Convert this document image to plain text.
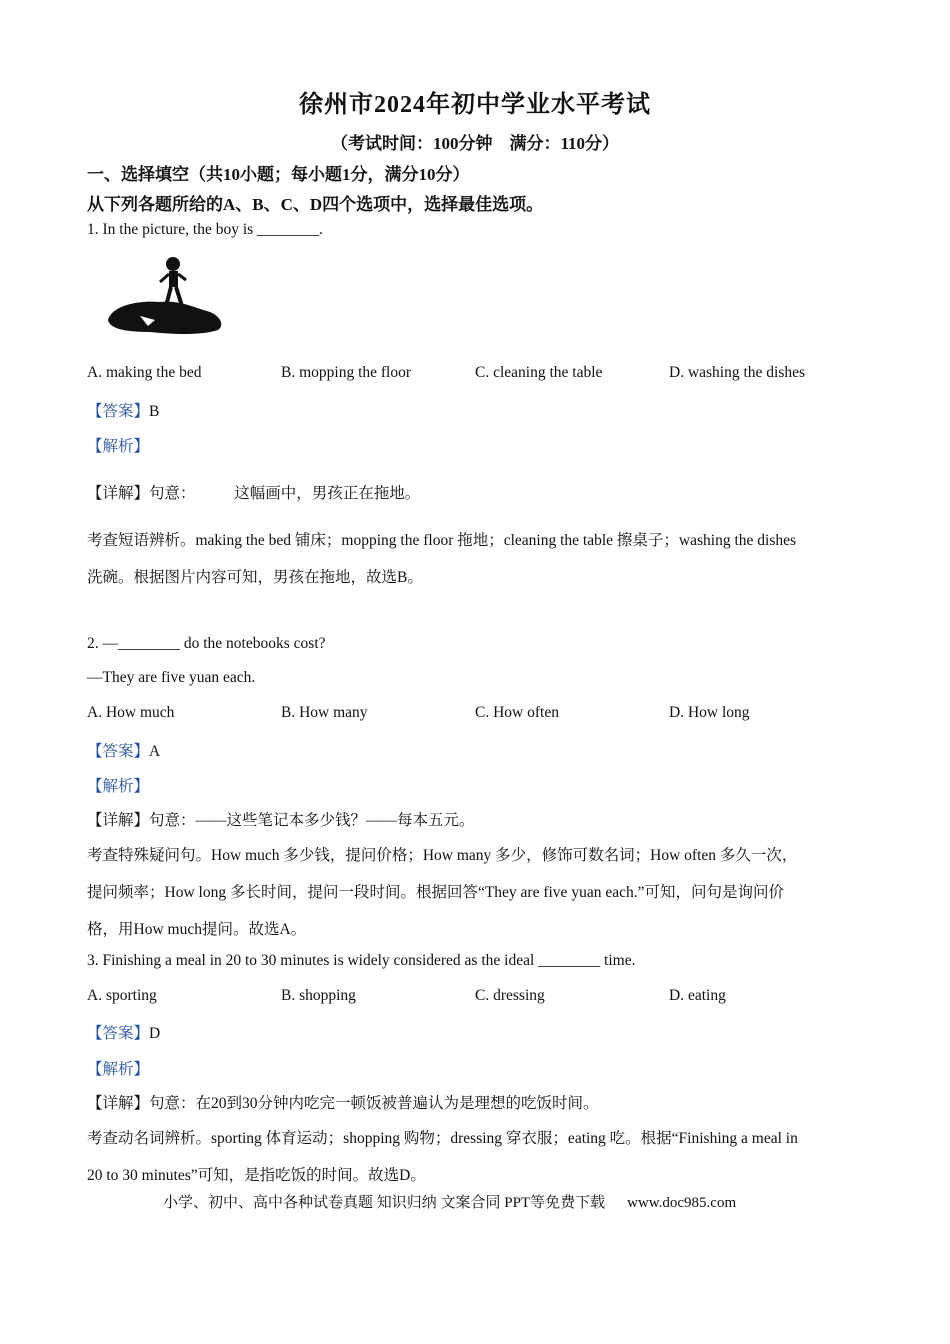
徐州市2024年初中学业水平考试
（考试时间：100分钟　满分：110分）
一、选择填空（共10小题；每小题1分，满分10分）
从下列各题所给的A、B、C、D四个选项中，选择最佳选项。
1. In the picture, the boy is ________.
A. making the bed	B. mopping the floor	C. cleaning the table	D. washing the dishes
【答案】B
【解析】
【详解】句意：　　　这幅画中，男孩正在拖地。
考查短语辨析。making the bed 铺床；mopping the floor 拖地；cleaning the table 擦桌子；washing the dishes
洗碗。根据图片内容可知，男孩在拖地，故选B。
2. —________ do the notebooks cost?
—They are five yuan each.
A. How much	B. How many	C. How often	D. How long
【答案】A
【解析】
【详解】句意：——这些笔记本多少钱？——每本五元。
考查特殊疑问句。How much 多少钱，提问价格；How many 多少，修饰可数名词；How often 多久一次，
提问频率；How long 多长时间，提问一段时间。根据回答“They are five yuan each.”可知，问句是询问价
格，用How much提问。故选A。
3. Finishing a meal in 20 to 30 minutes is widely considered as the ideal ________ time.
A. sporting	B. shopping	C. dressing	D. eating
【答案】D
【解析】
【详解】句意：在20到30分钟内吃完一顿饭被普遍认为是理想的吃饭时间。
考查动名词辨析。sporting 体育运动；shopping 购物；dressing 穿衣服；eating 吃。根据“Finishing a meal in
20 to 30 minutes”可知，是指吃饭的时间。故选D。
小学、初中、高中各种试卷真题 知识归纳 文案合同 PPT等免费下载 www.doc985.com
